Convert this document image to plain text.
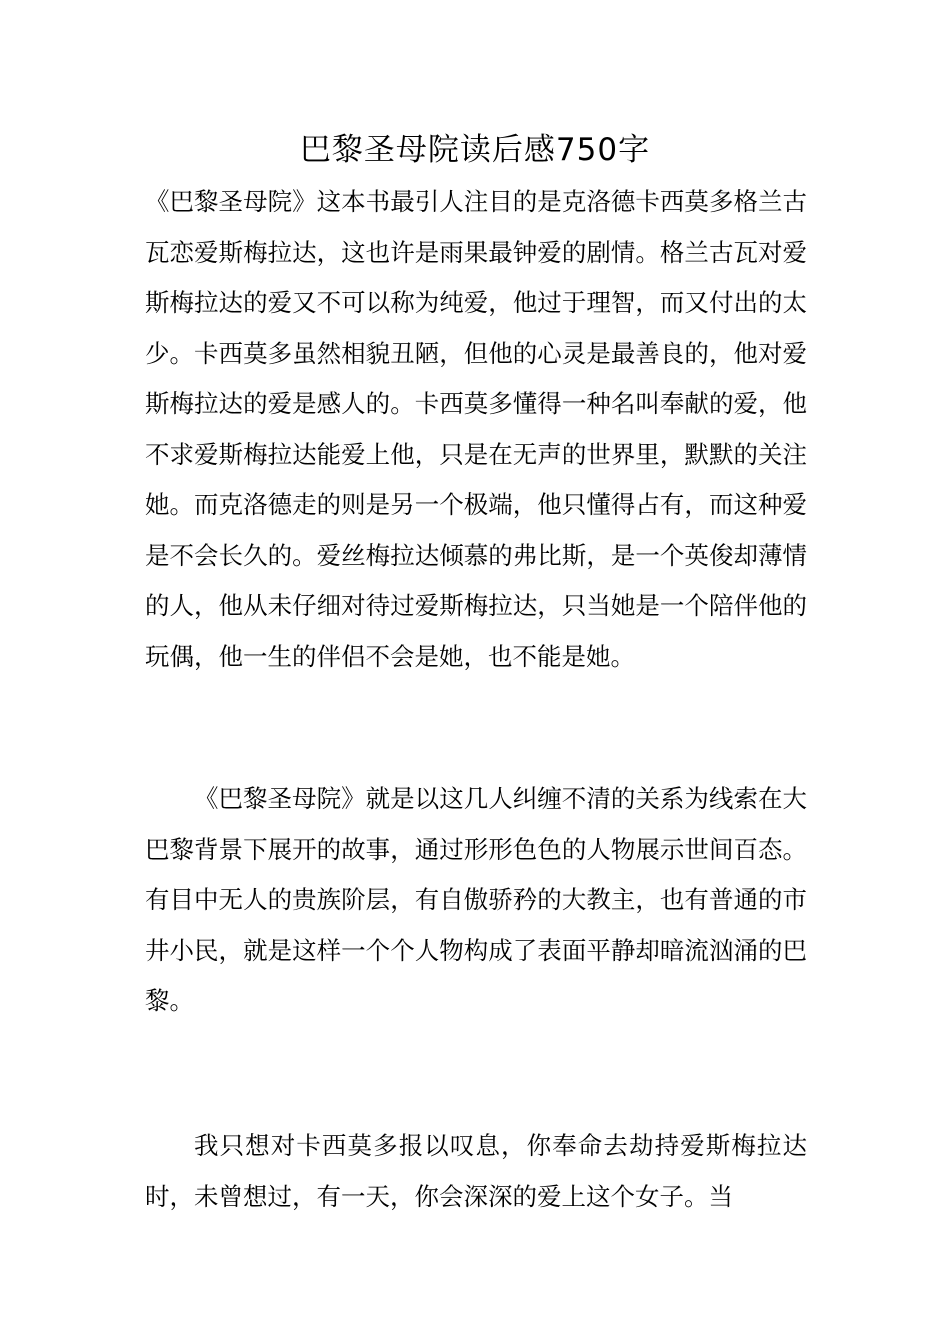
巴黎圣母院读后感750字

《巴黎圣母院》这本书最引人注目的是克洛德卡西莫多格兰古瓦恋爱斯梅拉达，这也许是雨果最钟爱的剧情。格兰古瓦对爱斯梅拉达的爱又不可以称为纯爱，他过于理智，而又付出的太少。卡西莫多虽然相貌丑陋，但他的心灵是最善良的，他对爱斯梅拉达的爱是感人的。卡西莫多懂得一种名叫奉献的爱，他不求爱斯梅拉达能爱上他，只是在无声的世界里，默默的关注她。而克洛德走的则是另一个极端，他只懂得占有，而这种爱是不会长久的。爱丝梅拉达倾慕的弗比斯，是一个英俊却薄情的人，他从未仔细对待过爱斯梅拉达，只当她是一个陪伴他的玩偶，他一生的伴侣不会是她，也不能是她。

《巴黎圣母院》就是以这几人纠缠不清的关系为线索在大巴黎背景下展开的故事，通过形形色色的人物展示世间百态。有目中无人的贵族阶层，有自傲骄矜的大教主，也有普通的市井小民，就是这样一个个人物构成了表面平静却暗流汹涌的巴黎。

我只想对卡西莫多报以叹息，你奉命去劫持爱斯梅拉达时，未曾想过，有一天，你会深深的爱上这个女子。当
